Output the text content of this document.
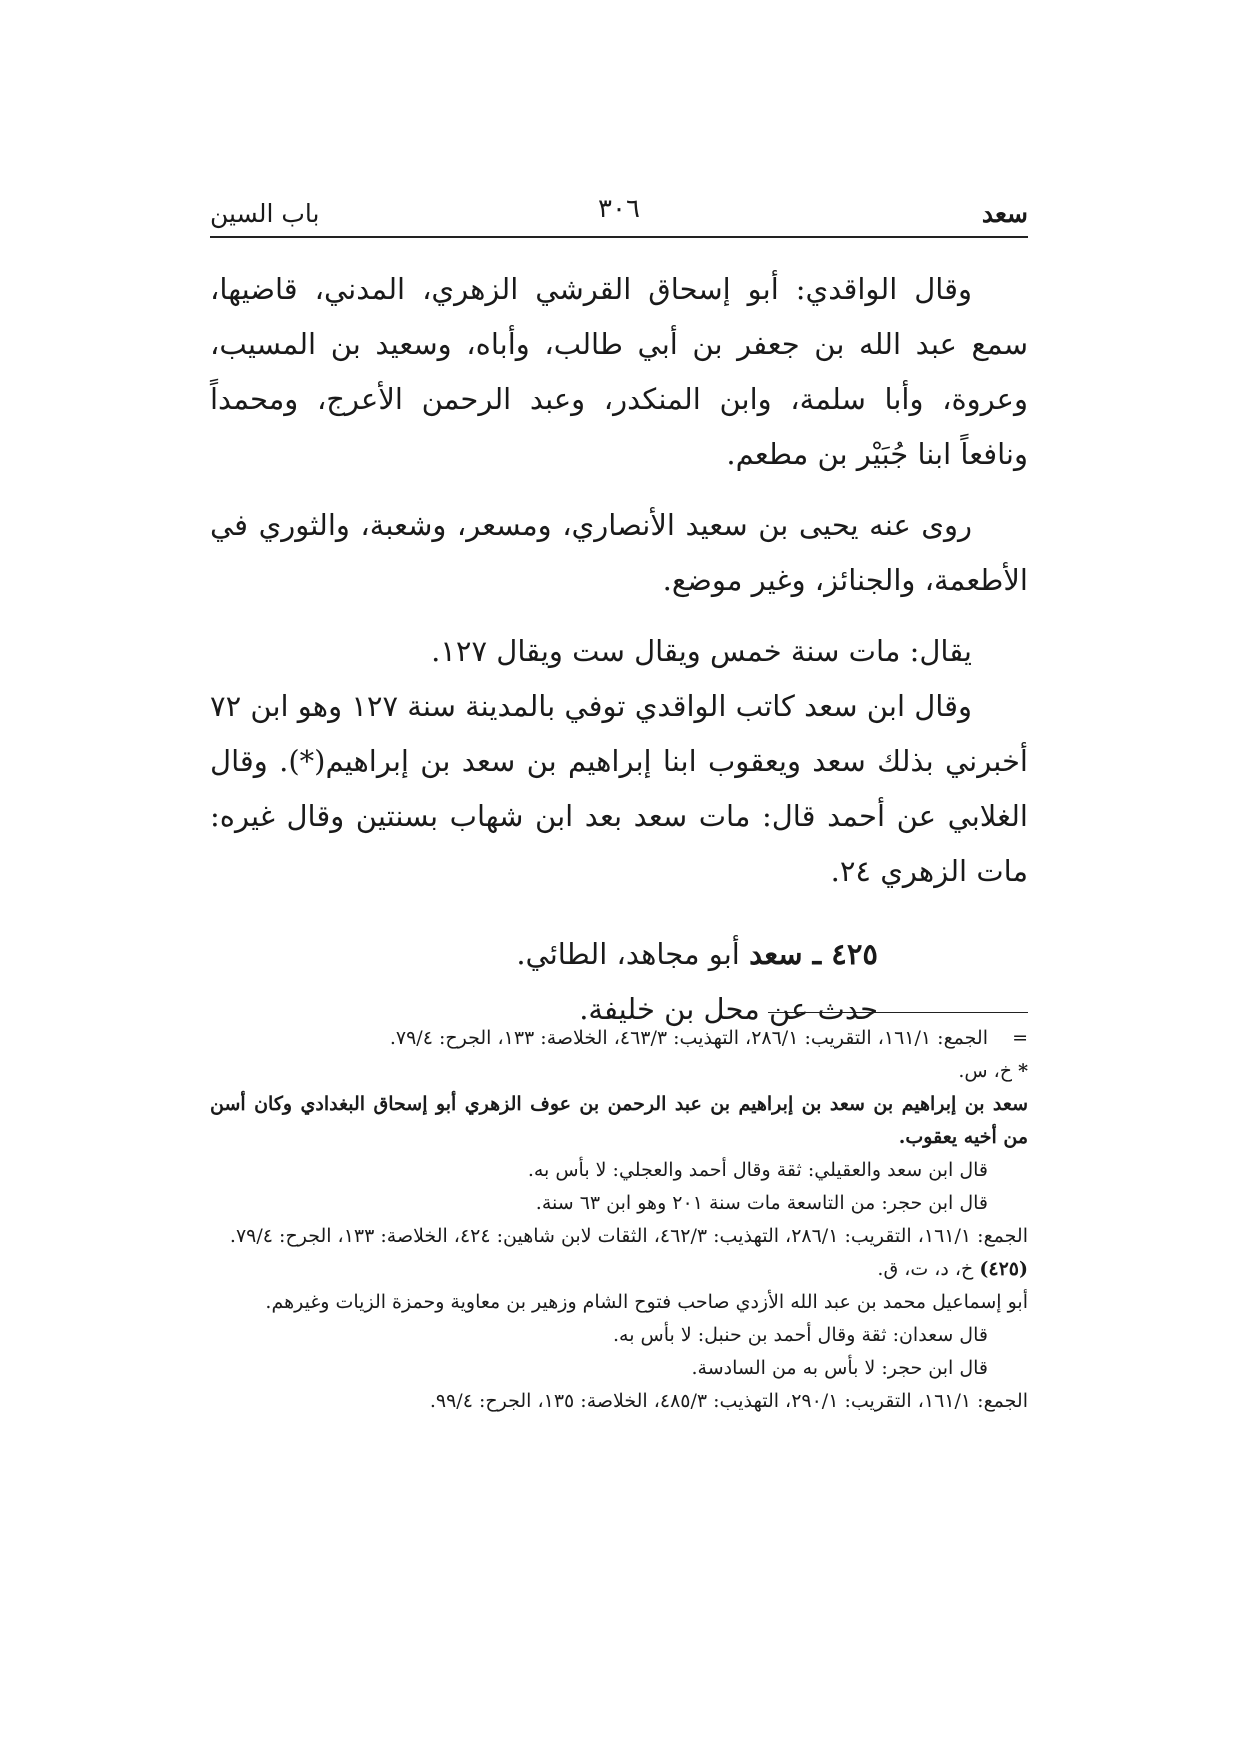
سعد
٣٠٦
باب السين

وقال الواقدي: أبو إسحاق القرشي الزهري، المدني، قاضيها، سمع عبد الله بن جعفر بن أبي طالب، وأباه، وسعيد بن المسيب، وعروة، وأبا سلمة، وابن المنكدر، وعبد الرحمن الأعرج، ومحمداً ونافعاً ابنا جُبَيْر بن مطعم.

روى عنه يحيى بن سعيد الأنصاري، ومسعر، وشعبة، والثوري في الأطعمة، والجنائز، وغير موضع.

يقال: مات سنة خمس ويقال ست ويقال ١٢٧.

وقال ابن سعد كاتب الواقدي توفي بالمدينة سنة ١٢٧ وهو ابن ٧٢ أخبرني بذلك سعد ويعقوب ابنا إبراهيم بن سعد بن إبراهيم(*). وقال الغلابي عن أحمد قال: مات سعد بعد ابن شهاب بسنتين وقال غيره: مات الزهري ٢٤.

٤٢٥ ـ سعد أبو مجاهد، الطائي.

حدث عن محل بن خليفة.

=الجمع: ١٦١/١، التقريب: ٢٨٦/١، التهذيب: ٤٦٣/٣، الخلاصة: ١٣٣، الجرح: ٧٩/٤.

* خ، س.

سعد بن إبراهيم بن سعد بن إبراهيم بن عبد الرحمن بن عوف الزهري أبو إسحاق البغدادي وكان أسن من أخيه يعقوب.

قال ابن سعد والعقيلي: ثقة وقال أحمد والعجلي: لا بأس به.

قال ابن حجر: من التاسعة مات سنة ٢٠١ وهو ابن ٦٣ سنة.

الجمع: ١٦١/١، التقريب: ٢٨٦/١، التهذيب: ٤٦٢/٣، الثقات لابن شاهين: ٤٢٤، الخلاصة: ١٣٣، الجرح: ٧٩/٤.

(٤٢٥) خ، د، ت، ق.

أبو إسماعيل محمد بن عبد الله الأزدي صاحب فتوح الشام وزهير بن معاوية وحمزة الزيات وغيرهم.

قال سعدان: ثقة وقال أحمد بن حنبل: لا بأس به.

قال ابن حجر: لا بأس به من السادسة.

الجمع: ١٦١/١، التقريب: ٢٩٠/١، التهذيب: ٤٨٥/٣، الخلاصة: ١٣٥، الجرح: ٩٩/٤.
